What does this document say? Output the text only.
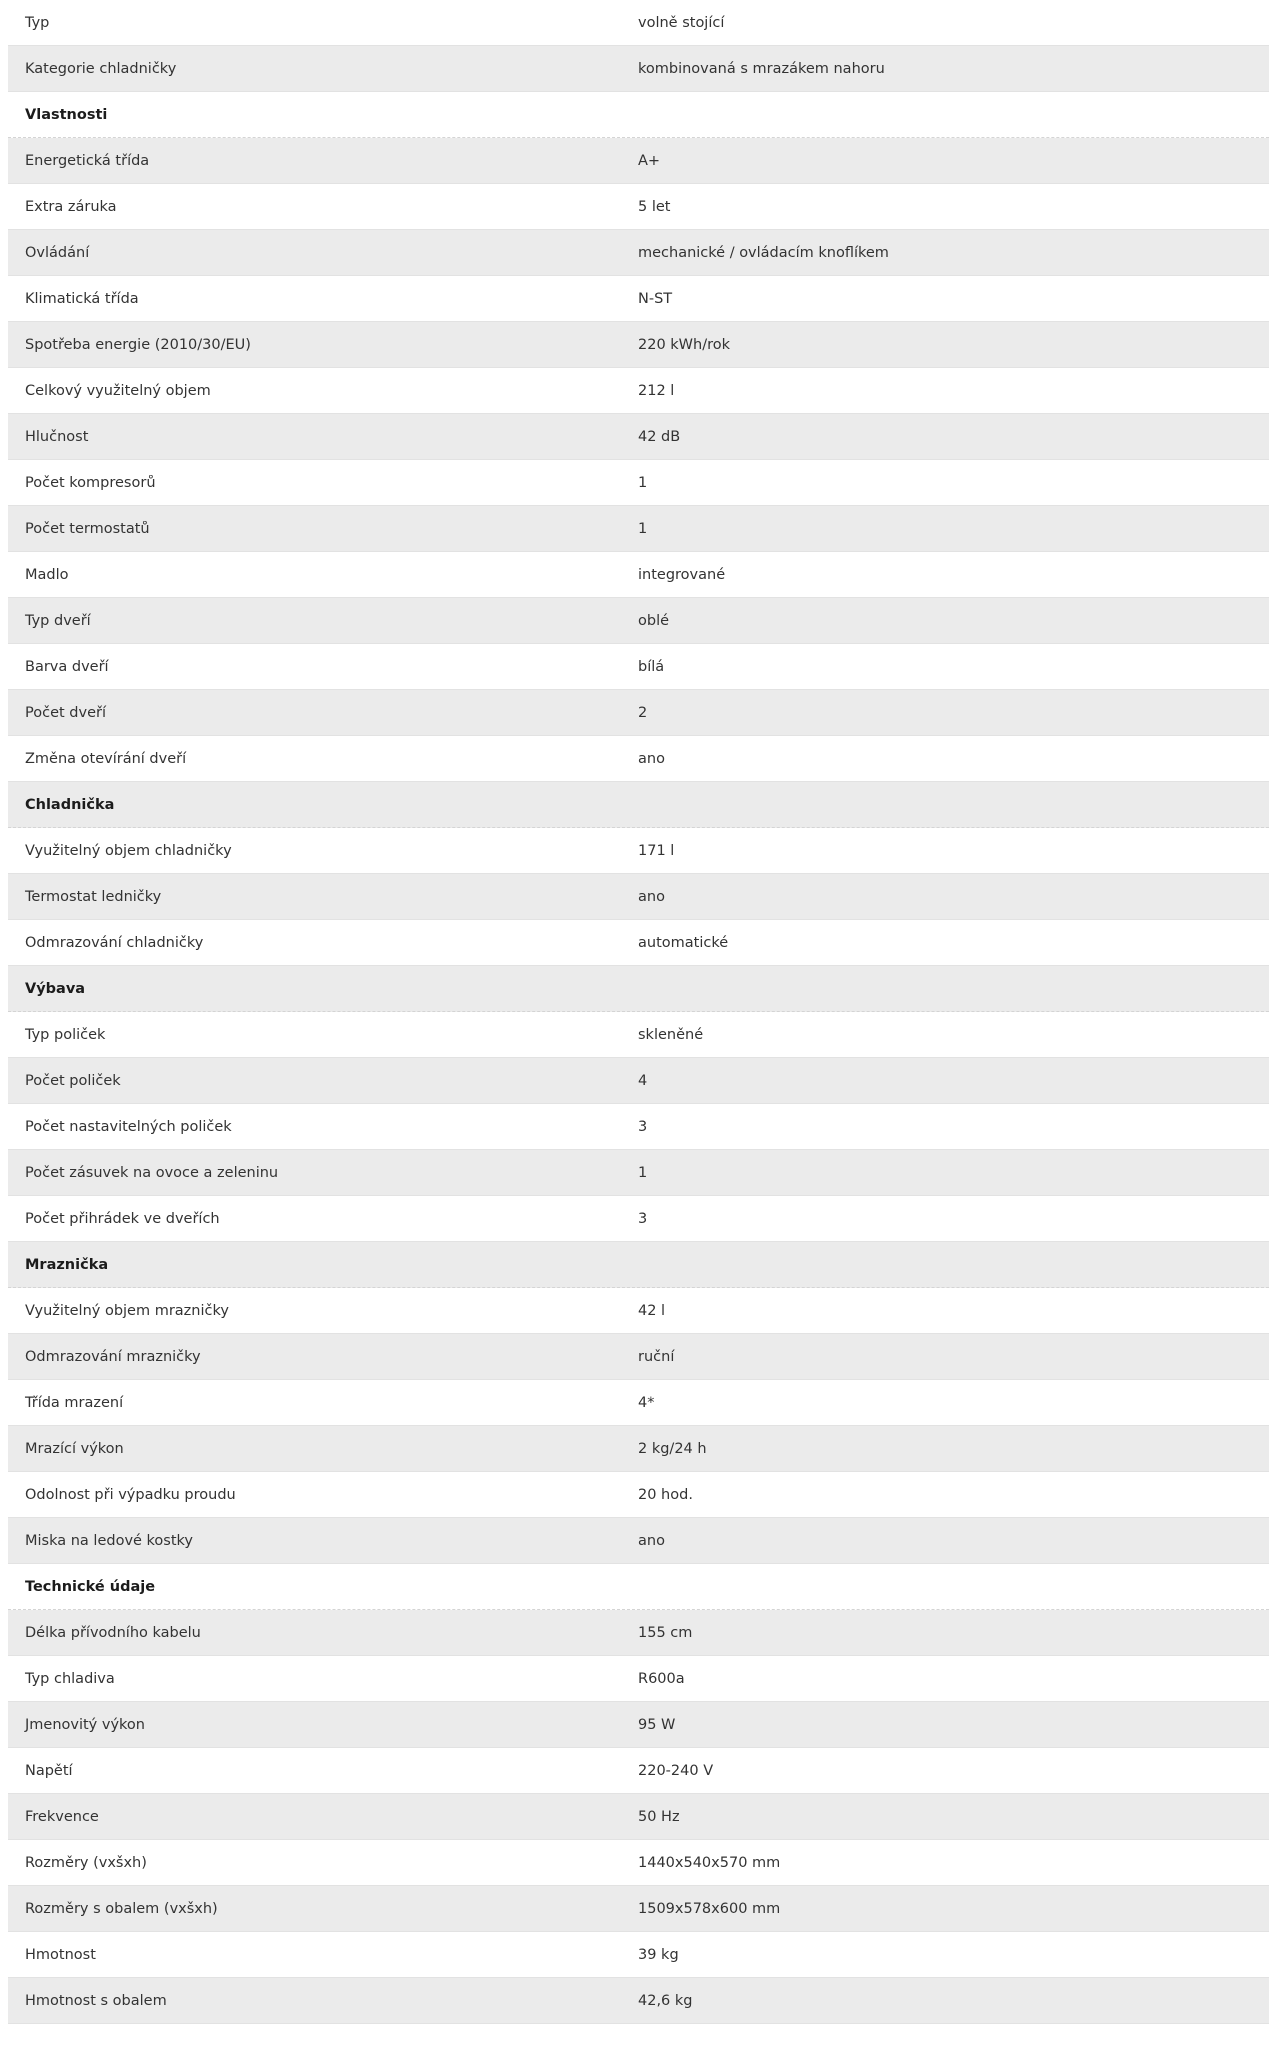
Typ	volně stojící
Kategorie chladničky	kombinovaná s mrazákem nahoru
Vlastnosti
Energetická třída	A+
Extra záruka	5 let
Ovládání	mechanické / ovládacím knoflíkem
Klimatická třída	N-ST
Spotřeba energie (2010/30/EU)	220 kWh/rok
Celkový využitelný objem	212 l
Hlučnost	42 dB
Počet kompresorů	1
Počet termostatů	1
Madlo	integrované
Typ dveří	oblé
Barva dveří	bílá
Počet dveří	2
Změna otevírání dveří	ano
Chladnička
Využitelný objem chladničky	171 l
Termostat ledničky	ano
Odmrazování chladničky	automatické
Výbava
Typ poliček	skleněné
Počet poliček	4
Počet nastavitelných poliček	3
Počet zásuvek na ovoce a zeleninu	1
Počet přihrádek ve dveřích	3
Mraznička
Využitelný objem mrazničky	42 l
Odmrazování mrazničky	ruční
Třída mrazení	4*
Mrazící výkon	2 kg/24 h
Odolnost při výpadku proudu	20 hod.
Miska na ledové kostky	ano
Technické údaje
Délka přívodního kabelu	155 cm
Typ chladiva	R600a
Jmenovitý výkon	95 W
Napětí	220-240 V
Frekvence	50 Hz
Rozměry (vxšxh)	1440x540x570 mm
Rozměry s obalem (vxšxh)	1509x578x600 mm
Hmotnost	39 kg
Hmotnost s obalem	42,6 kg
